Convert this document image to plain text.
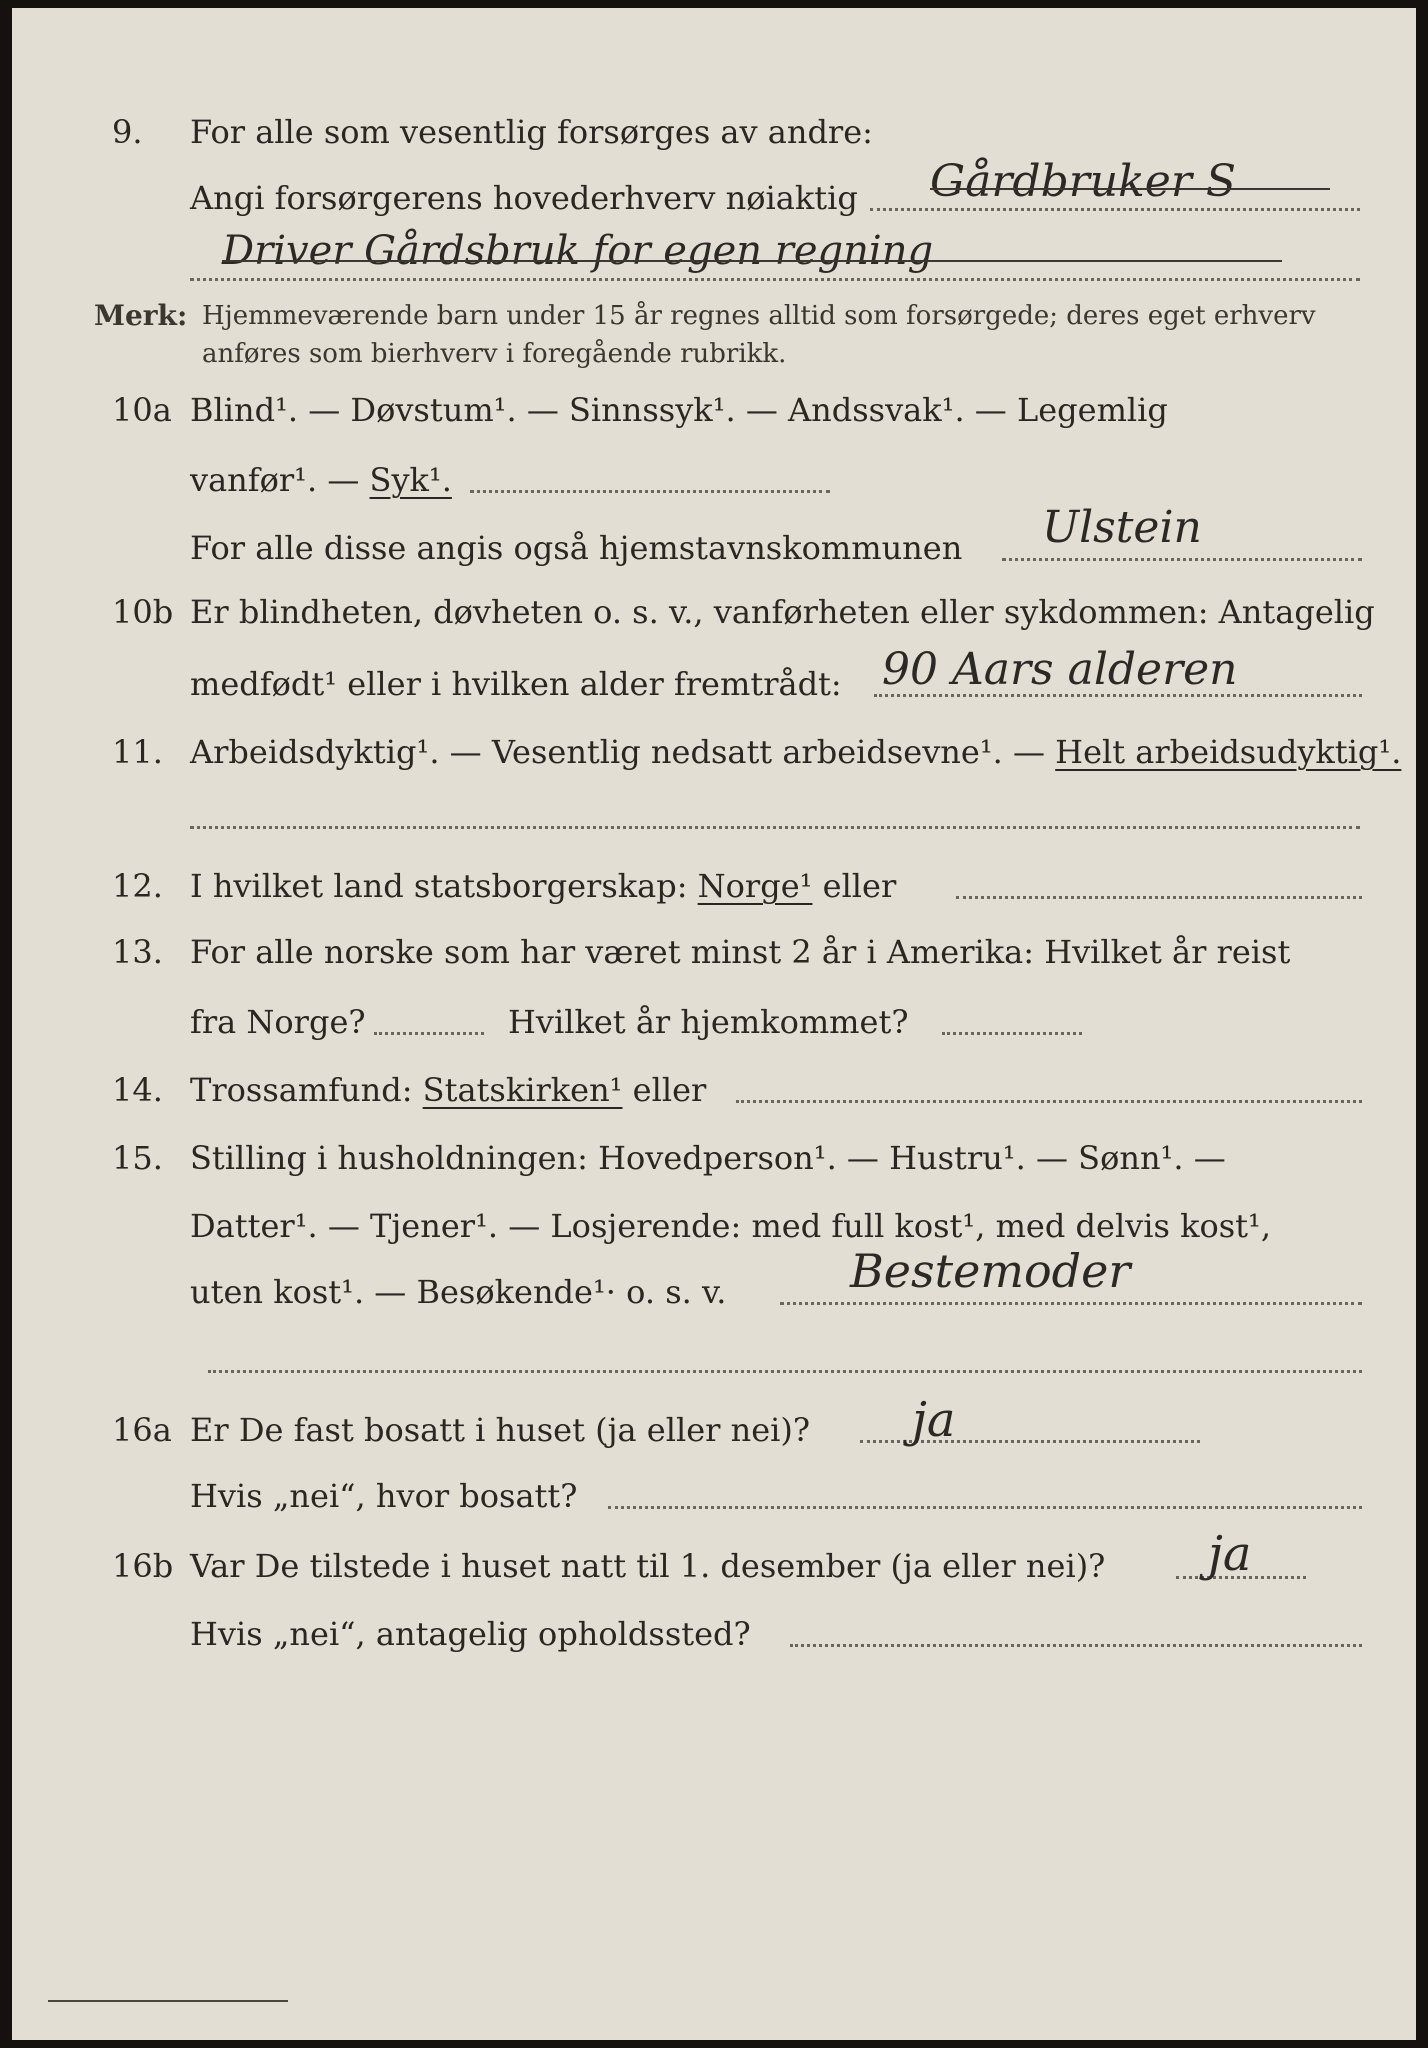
9. For alle som vesentlig forsørges av andre:
Angi forsørgerens hovederhverv nøiaktig Gårdbruker S
Driver Gårdsbruk for egen regning
Merk: Hjemmeværende barn under 15 år regnes alltid som forsørgede; deres eget erhverv
anføres som bierhverv i foregående rubrikk.
10a Blind¹. — Døvstum¹. — Sinnssyk¹. — Andssvak¹. — Legemlig
vanfør¹. — Syk¹.
For alle disse angis også hjemstavnskommunen Ulstein
10b Er blindheten, døvheten o. s. v., vanførheten eller sykdommen: Antagelig
medfødt¹ eller i hvilken alder fremtrådt: 90 Aars alderen
11. Arbeidsdyktig¹. — Vesentlig nedsatt arbeidsevne¹. — Helt arbeidsudyktig¹.
12. I hvilket land statsborgerskap: Norge¹ eller
13. For alle norske som har været minst 2 år i Amerika: Hvilket år reist
fra Norge?	Hvilket år hjemkommet?
14. Trossamfund: Statskirken¹ eller
15. Stilling i husholdningen: Hovedperson¹. — Hustru¹. — Sønn¹. —
Datter¹. — Tjener¹. — Losjerende: med full kost¹, med delvis kost¹,
uten kost¹. — Besøkende¹· o. s. v.	Bestemoder
16a Er De fast bosatt i huset (ja eller nei)? ja
Hvis „nei“, hvor bosatt?
16b Var De tilstede i huset natt til 1. desember (ja eller nei)? ja
Hvis „nei“, antagelig opholdssted?
